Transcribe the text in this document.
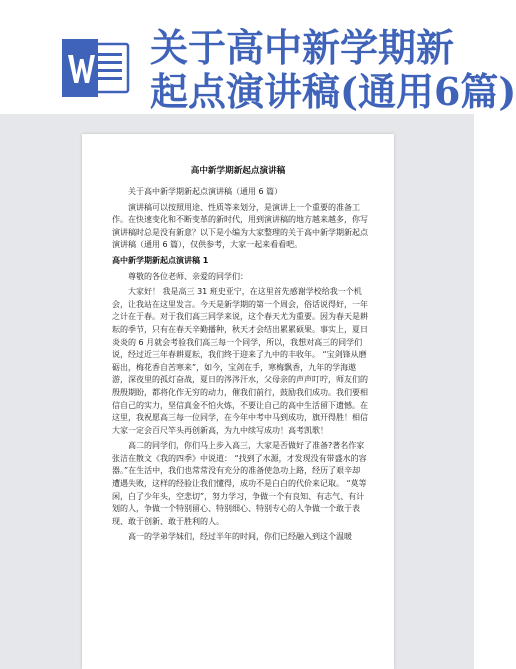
关于高中新学期新
起点演讲稿(通用6篇)
高中新学期新起点演讲稿

关于高中新学期新起点演讲稿（通用 6 篇）

演讲稿可以按照用途、性质等来划分，是演讲上一个重要的准备工作。在快速变化和不断变革的新时代，用到演讲稿的地方越来越多，你写演讲稿时总是没有新意？以下是小编为大家整理的关于高中新学期新起点演讲稿（通用 6 篇），仅供参考，大家一起来看看吧。

高中新学期新起点演讲稿 1

尊敬的各位老师、亲爱的同学们：

大家好！ 我是高三 31 班史亚宁，在这里首先感谢学校给我一个机会，让我站在这里发言。今天是新学期的第一个周会，俗话说得好，一年之计在于春。对于我们高三同学来说，这个春天尤为重要。因为春天是耕耘的季节，只有在春天辛勤播种，秋天才会结出累累硕果。事实上，夏日炎炎的 6 月就会考验我们高三每一个同学，所以，我想对高三的同学们说，经过近三年春耕夏耘，我们终于迎来了九中的丰收年。 “宝剑锋从磨砺出，梅花香自苦寒来”，如今，宝剑在手，寒梅飘香，九年的学海遨游，深夜里的孤灯奋战，夏日的涔涔汗水，父母亲的声声叮咛，师友们的殷殷期盼，都将化作无穷的动力，催我们前行，鼓励我们成功。我们要相信自己的实力，坚信真金不怕火炼，不要让自己的高中生活留下遗憾。在这里，我祝愿高三每一位同学，在今年中考中马到成功，旗开得胜！相信大家一定会百尺竿头再创新高，为九中续写成功！高考凯歌！

高二的同学们，你们马上步入高三，大家是否做好了准备?著名作家张洁在散文《我的四季》中说道： “找到了水源，才发现没有带盛水的容器。”在生活中，我们也常常没有充分的准备使急功上路，经历了艰辛却遭遇失败，这样的经验让我们懂得，成功不是白白的代价来记取。 “莫等闲，白了少年头，空悲切”，努力学习，争做一个有良知、有志气、有计划的人，争做一个特别留心、特别细心、特别专心的人争做一个敢于表现、敢于创新、敢于胜利的人。

高一的学弟学妹们，经过半年的时间，你们已经融入到这个温暖
